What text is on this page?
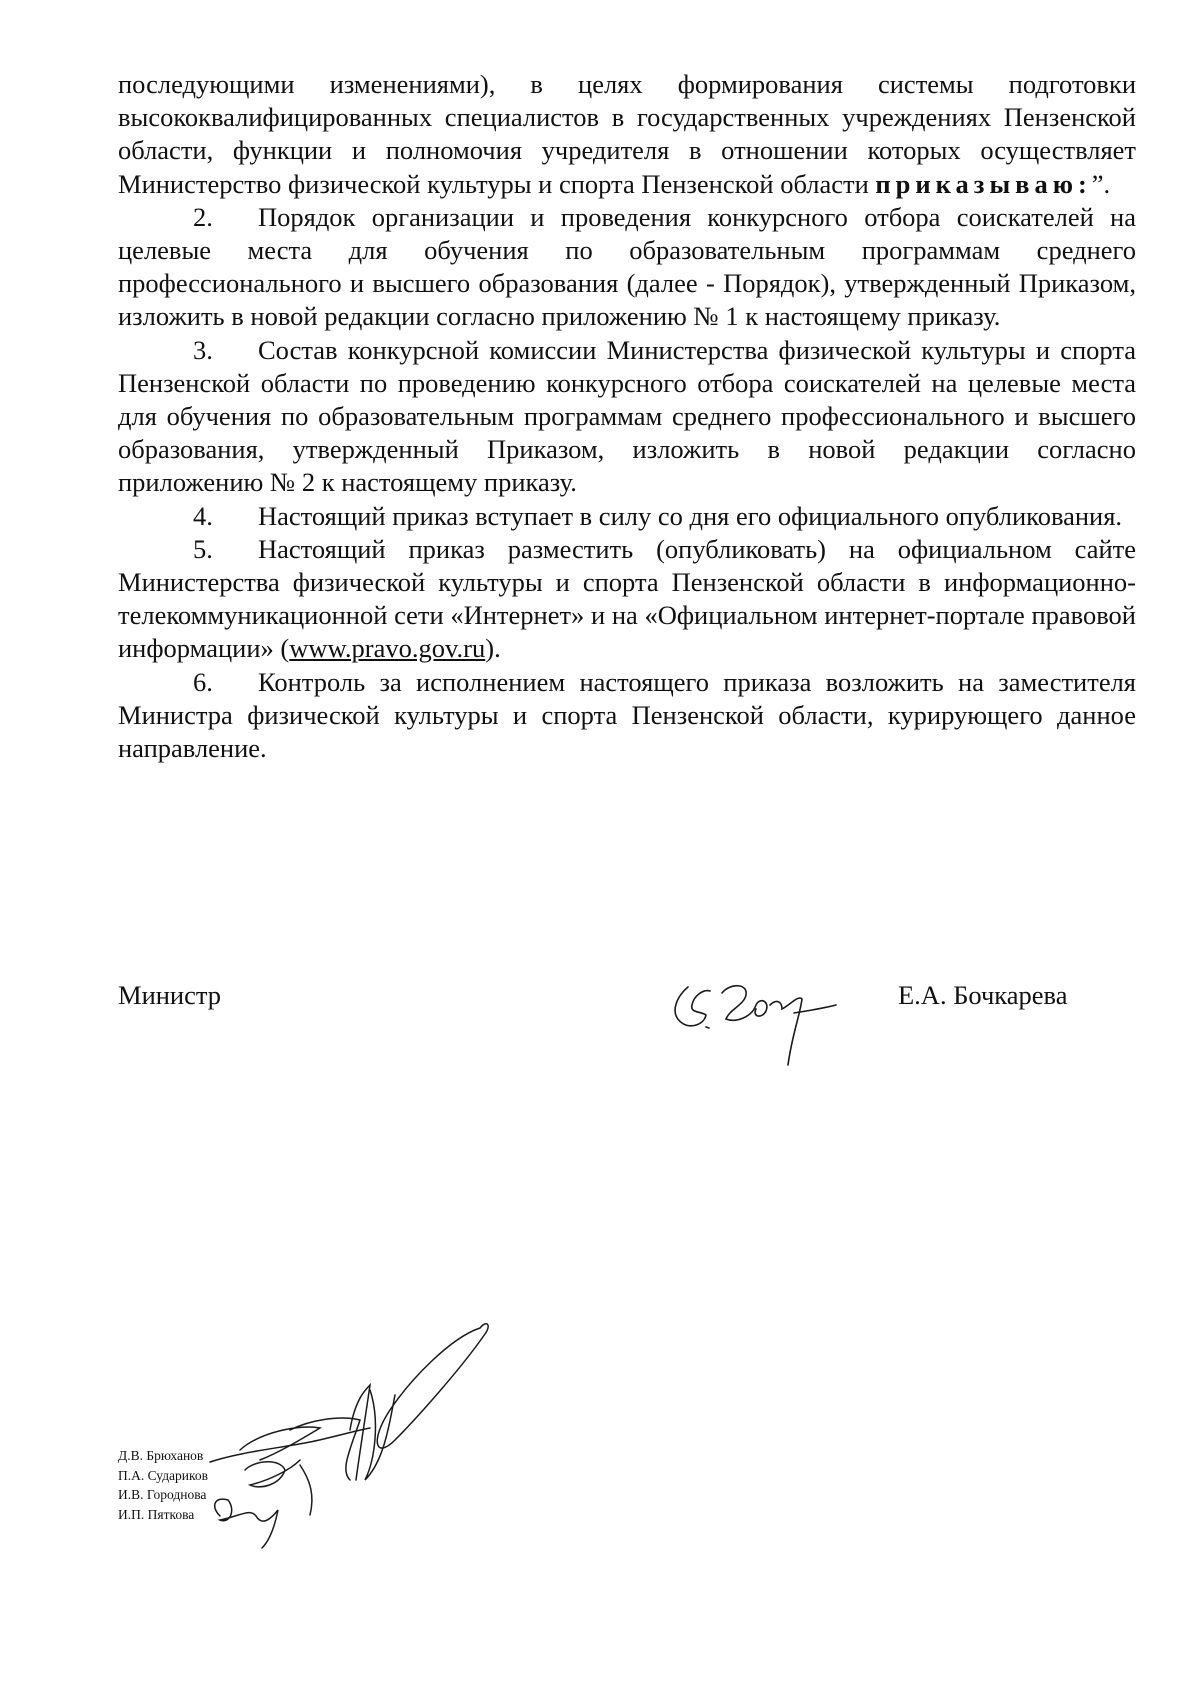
последующими изменениями), в целях формирования системы подготовки высококвалифицированных специалистов в государственных учреждениях Пензенской области, функции и полномочия учредителя в отношении которых осуществляет Министерство физической культуры и спорта Пензенской области приказываю:”.

2. Порядок организации и проведения конкурсного отбора соискателей на целевые места для обучения по образовательным программам среднего профессионального и высшего образования (далее - Порядок), утвержденный Приказом, изложить в новой редакции согласно приложению № 1 к настоящему приказу.

3. Состав конкурсной комиссии Министерства физической культуры и спорта Пензенской области по проведению конкурсного отбора соискателей на целевые места для обучения по образовательным программам среднего профессионального и высшего образования, утвержденный Приказом, изложить в новой редакции согласно приложению № 2 к настоящему приказу.

4. Настоящий приказ вступает в силу со дня его официального опубликования.

5. Настоящий приказ разместить (опубликовать) на официальном сайте Министерства физической культуры и спорта Пензенской области в информационно-телекоммуникационной сети «Интернет» и на «Официальном интернет-портале правовой информации» (www.pravo.gov.ru).

6. Контроль за исполнением настоящего приказа возложить на заместителя Министра физической культуры и спорта Пензенской области, курирующего данное направление.

Министр	Е.А. Бочкарева
Д.В. Брюханов
П.А. Судариков
И.В. Городнова
И.П. Пяткова
